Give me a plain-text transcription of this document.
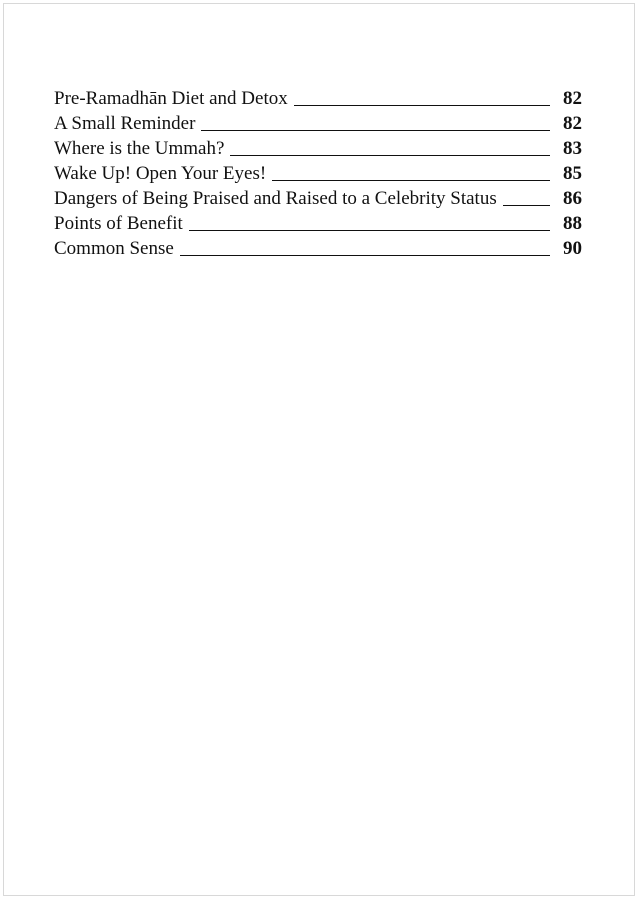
Pre-Ramadhān Diet and Detox	82
A Small Reminder	82
Where is the Ummah?	83
Wake Up! Open Your Eyes!	85
Dangers of Being Praised and Raised to a Celebrity Status	86
Points of Benefit	88
Common Sense	90
